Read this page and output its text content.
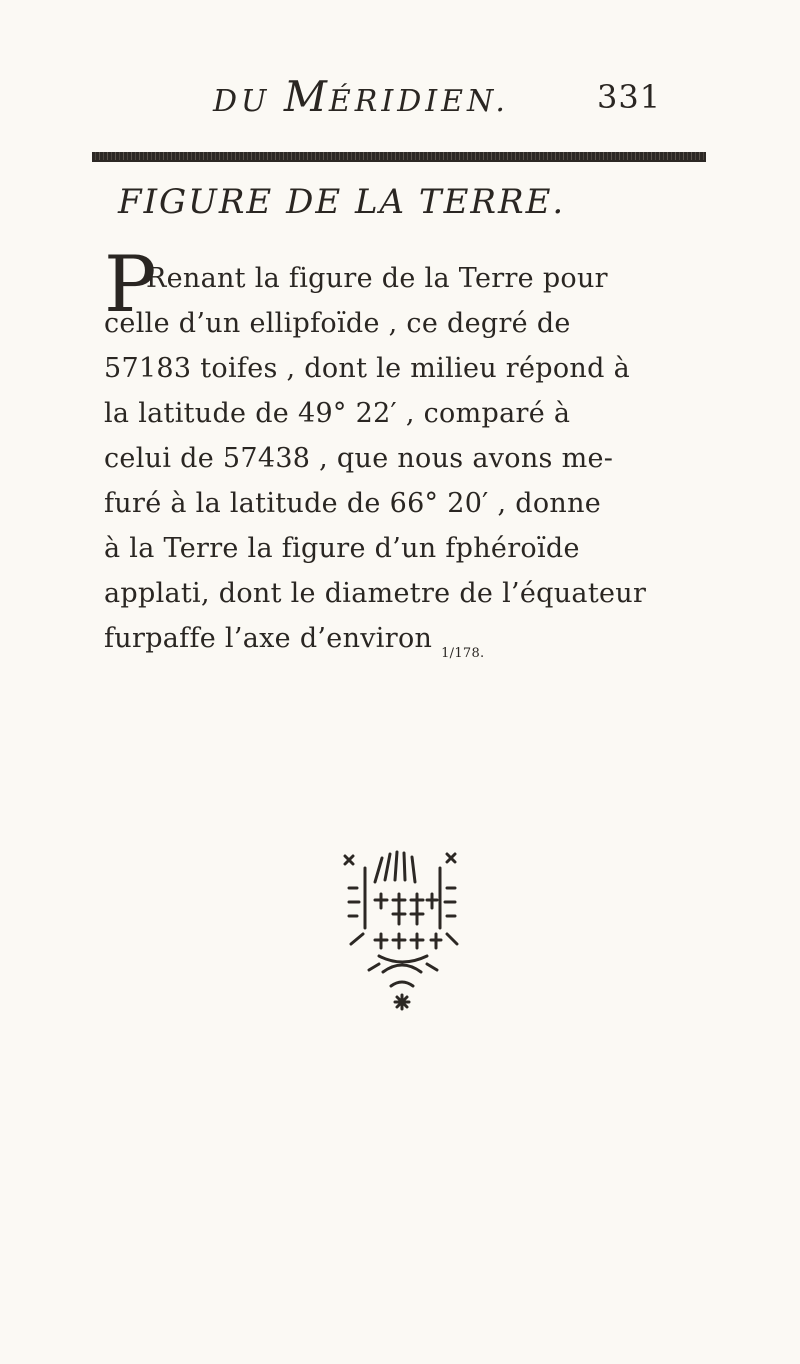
DU MÉRIDIEN.	331
FIGURE DE LA TERRE.
P
Renant la figure de la Terre pour
celle d’un ellipfoïde , ce degré de
57183 toifes , dont le milieu répond à
la latitude de 49° 22′ , comparé à
celui de 57438 , que nous avons me-
furé à la latitude de 66° 20′ , donne
à la Terre la figure d’un fphéroïde
applati, dont le diametre de l’équateur
furpaffe l’axe d’environ $_{1/178.}$
